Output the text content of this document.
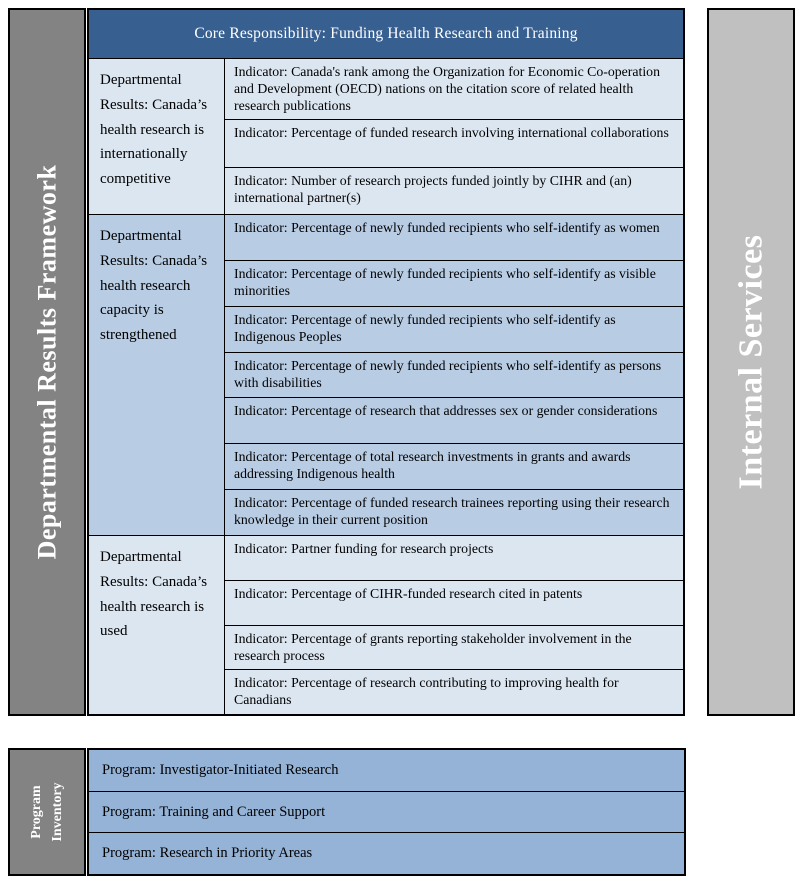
Departmental Results Framework
Core Responsibility: Funding Health Research and Training
Departmental Results: Canada’s health research is internationally competitive
Indicator: Canada's rank among the Organization for Economic Co-operation and Development (OECD) nations on the citation score of related health research publications
Indicator: Percentage of funded research involving international collaborations
Indicator: Number of research projects funded jointly by CIHR and (an) international partner(s)
Departmental Results: Canada’s health research capacity is strengthened
Indicator: Percentage of newly funded recipients who self-identify as women
Indicator: Percentage of newly funded recipients who self-identify as visible minorities
Indicator: Percentage of newly funded recipients who self-identify as Indigenous Peoples
Indicator: Percentage of newly funded recipients who self-identify as persons with disabilities
Indicator: Percentage of research that addresses sex or gender considerations
Indicator: Percentage of total research investments in grants and awards addressing Indigenous health
Indicator: Percentage of funded research trainees reporting using their research knowledge in their current position
Departmental Results: Canada’s health research is used
Indicator: Partner funding for research projects
Indicator: Percentage of CIHR-funded research cited in patents
Indicator: Percentage of grants reporting stakeholder involvement in the research process
Indicator: Percentage of research contributing to improving health for Canadians
Internal Services
Program Inventory
Program: Investigator-Initiated Research
Program: Training and Career Support
Program: Research in Priority Areas
